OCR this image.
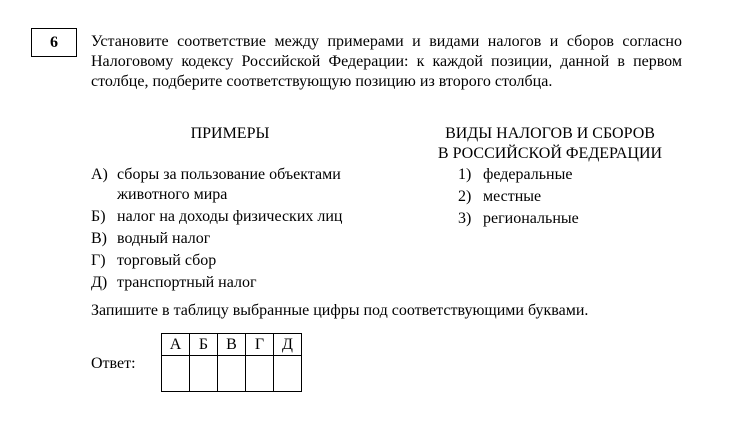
6 Установите соответствие между примерами и видами налогов и сборов согласно Налоговому кодексу Российской Федерации: к каждой позиции, данной в первом столбце, подберите соответствующую позицию из второго столбца.

ПРИМЕРЫ	ВИДЫ НАЛОГОВ И СБОРОВ
В РОССИЙСКОЙ ФЕДЕРАЦИИ
А) сборы за пользование объектами животного мира
Б) налог на доходы физических лиц
В) водный налог
Г) торговый сбор
Д) транспортный налог
1) федеральные
2) местные
3) региональные

Запишите в таблицу выбранные цифры под соответствующими буквами.

Ответ:
А	Б	В	Г	Д
